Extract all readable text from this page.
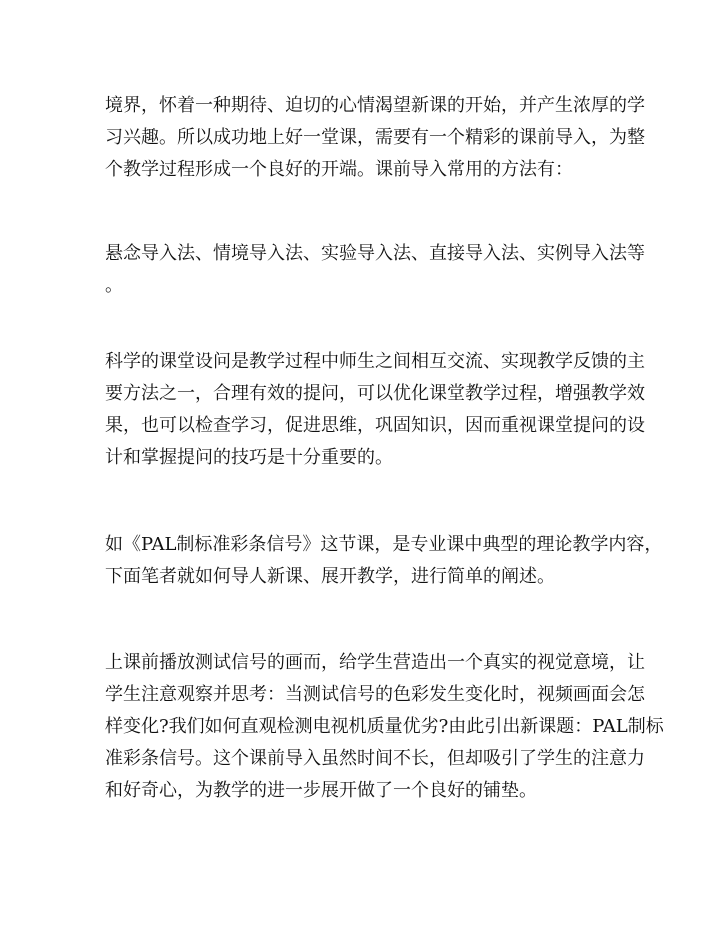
境界，怀着一种期待、迫切的心情渴望新课的开始，并产生浓厚的学
习兴趣。所以成功地上好一堂课，需要有一个精彩的课前导入，为整
个教学过程形成一个良好的开端。课前导入常用的方法有：
悬念导入法、情境导入法、实验导入法、直接导入法、实例导入法等
。
科学的课堂设问是教学过程中师生之间相互交流、实现教学反馈的主
要方法之一，合理有效的提问，可以优化课堂教学过程，增强教学效
果，也可以检查学习，促进思维，巩固知识，因而重视课堂提问的设
计和掌握提问的技巧是十分重要的。
如《PAL制标准彩条信号》这节课，是专业课中典型的理论教学内容，
下面笔者就如何导人新课、展开教学，进行简单的阐述。
上课前播放测试信号的画而，给学生营造出一个真实的视觉意境，让
学生注意观察并思考：当测试信号的色彩发生变化时，视频画面会怎
样变化?我们如何直观检测电视机质量优劣?由此引出新课题：PAL制标
准彩条信号。这个课前导入虽然时间不长，但却吸引了学生的注意力
和好奇心，为教学的进一步展开做了一个良好的铺垫。
